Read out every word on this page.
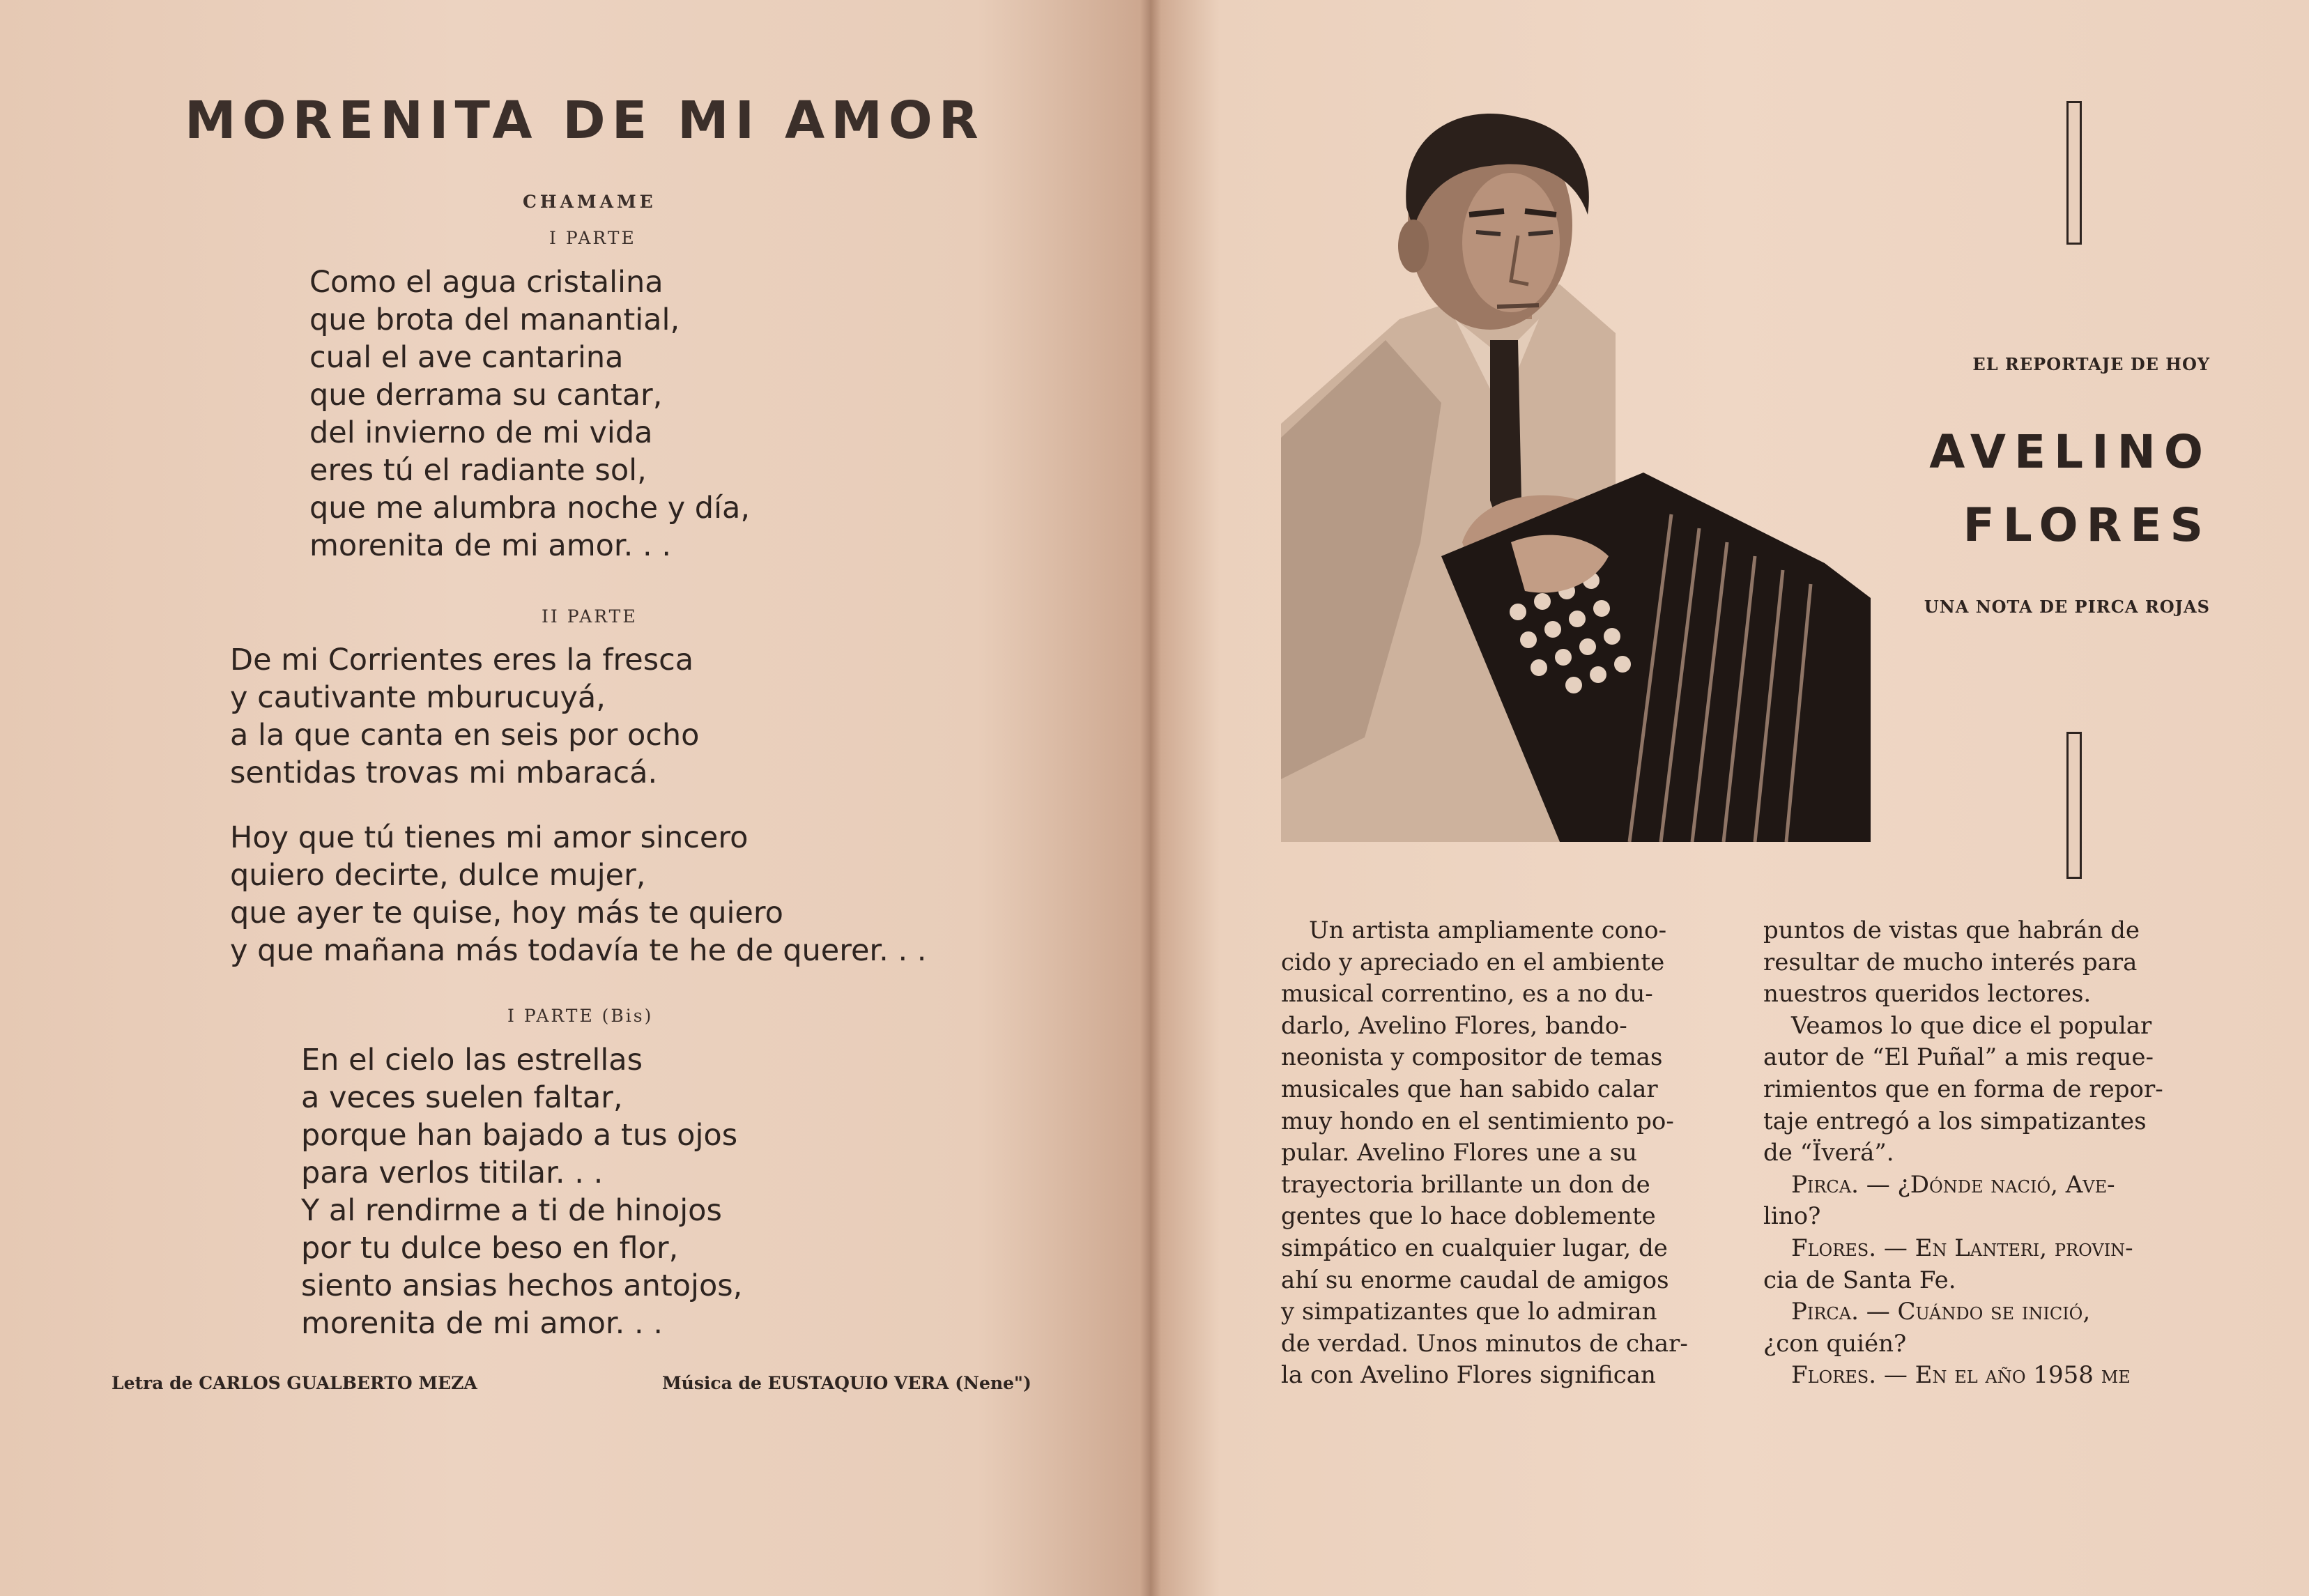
MORENITA DE MI AMOR
CHAMAME
I PARTE
Como el agua cristalina
que brota del manantial,
cual el ave cantarina
que derrama su cantar,
del invierno de mi vida
eres tú el radiante sol,
que me alumbra noche y día,
morenita de mi amor. . .
II PARTE
De mi Corrientes eres la fresca
y cautivante mburucuyá,
a la que canta en seis por ocho
sentidas trovas mi mbaracá.
Hoy que tú tienes mi amor sincero
quiero decirte, dulce mujer,
que ayer te quise, hoy más te quiero
y que mañana más todavía te he de querer. . .
I PARTE (Bis)
En el cielo las estrellas
a veces suelen faltar,
porque han bajado a tus ojos
para verlos titilar. . .
Y al rendirme a ti de hinojos
por tu dulce beso en flor,
siento ansias hechos antojos,
morenita de mi amor. . .
Letra de CARLOS GUALBERTO MEZA	Música de EUSTAQUIO VERA (Nene")
EL REPORTAJE DE HOY
AVELINO
FLORES
UNA NOTA DE PIRCA ROJAS
Un artista ampliamente cono-
cido y apreciado en el ambiente
musical correntino, es a no du-
darlo, Avelino Flores, bando-
neonista y compositor de temas
musicales que han sabido calar
muy hondo en el sentimiento po-
pular. Avelino Flores une a su
trayectoria brillante un don de
gentes que lo hace doblemente
simpático en cualquier lugar, de
ahí su enorme caudal de amigos
y simpatizantes que lo admiran
de verdad. Unos minutos de char-
la con Avelino Flores significan
puntos de vistas que habrán de
resultar de mucho interés para
nuestros queridos lectores.
Veamos lo que dice el popular
autor de “El Puñal” a mis reque-
rimientos que en forma de repor-
taje entregó a los simpatizantes
de “Ïverá”.
Pirca. — ¿Dónde nació, Ave-
lino?
Flores. — En Lanteri, provin-
cia de Santa Fe.
Pirca. — Cuándo se inició,
¿con quién?
Flores. — En el año 1958 me
